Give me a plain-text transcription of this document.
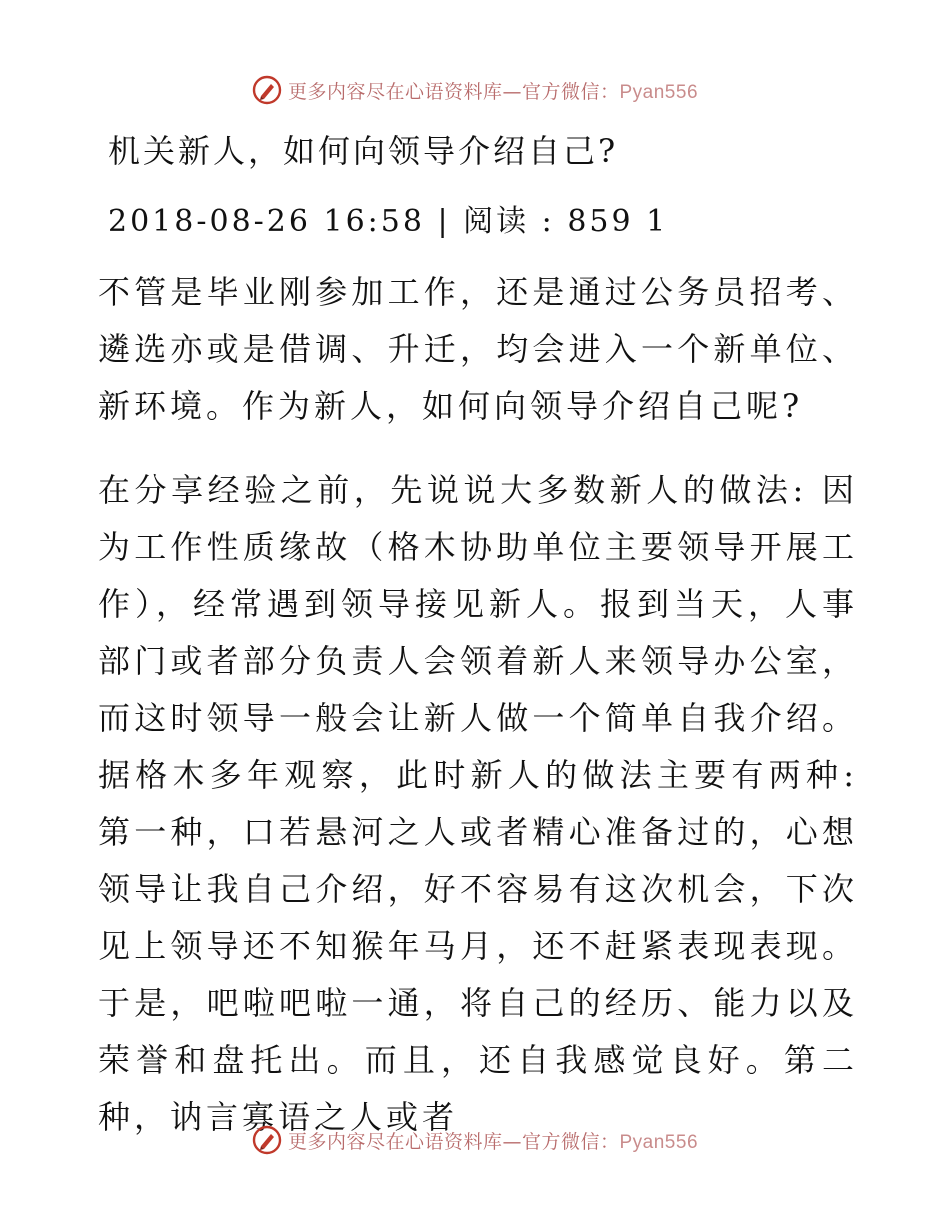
更多内容尽在心语资料库—官方微信：Pyan556
机关新人，如何向领导介绍自己?
2018-08-26 16:58 | 阅读 : 859 1
不管是毕业刚参加工作，还是通过公务员招考、遴选亦或是借调、升迁，均会进入一个新单位、新环境。作为新人，如何向领导介绍自己呢?
在分享经验之前，先说说大多数新人的做法: 因为工作性质缘故（格木协助单位主要领导开展工作），经常遇到领导接见新人。报到当天，人事部门或者部分负责人会领着新人来领导办公室，而这时领导一般会让新人做一个简单自我介绍。据格木多年观察，此时新人的做法主要有两种: 第一种，口若悬河之人或者精心准备过的，心想领导让我自己介绍，好不容易有这次机会，下次见上领导还不知猴年马月，还不赶紧表现表现。于是，吧啦吧啦一通，将自己的经历、能力以及荣誉和盘托出。而且，还自我感觉良好。第二种，讷言寡语之人或者
更多内容尽在心语资料库—官方微信：Pyan556
